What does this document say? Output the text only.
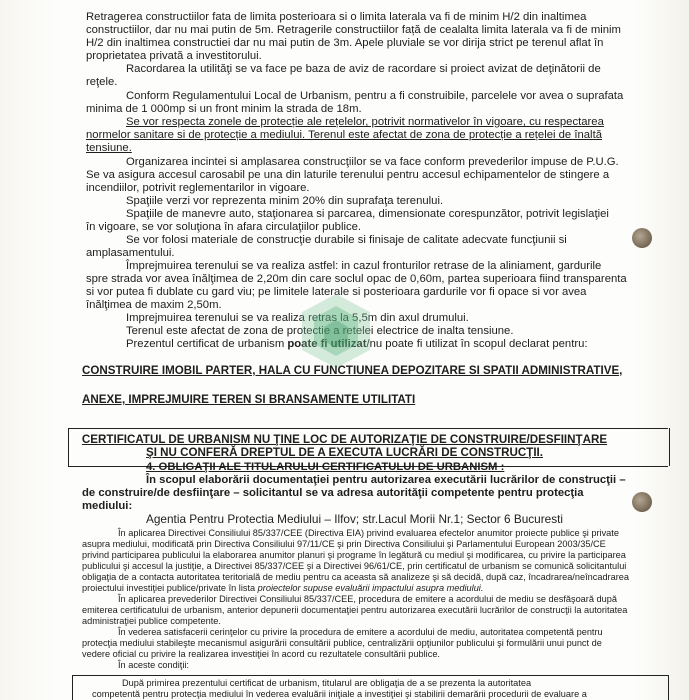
Retragerea constructiilor fata de limita posterioara si o limita laterala va fi de minim H/2 din inaltimea
constructiilor, dar nu mai putin de 5m. Retragerile constructiilor față de cealalta limita laterala va fi de minim
H/2 din inaltimea constructiei dar nu mai putin de 3m. Apele pluviale se vor dirija strict pe terenul aflat în
proprietatea privată a investitorului.
Racordarea la utilităţi se va face pe baza de aviz de racordare si proiect avizat de deţinătorii de
reţele.
Conform Regulamentului Local de Urbanism, pentru a fi construibile, parcelele vor avea o suprafata
minima de 1 000mp si un front minim la strada de 18m.
Se vor respecta zonele de protecție ale rețelelor, potrivit normativelor în vigoare, cu respectarea
normelor sanitare si de protecție a mediului. Terenul este afectat de zona de protecție a rețelei de înaltă
tensiune.
Organizarea incintei si amplasarea construcţiilor se va face conform prevederilor impuse de P.U.G.
Se va asigura accesul carosabil pe una din laturile terenului pentru accesul echipamentelor de stingere a
incendiilor, potrivit reglementarilor in vigoare.
Spaţiile verzi vor reprezenta minim 20% din suprafaţa terenului.
Spaţiile de manevre auto, staţionarea si parcarea, dimensionate corespunzător, potrivit legislaţiei
în vigoare, se vor soluţiona în afara circulaţiilor publice.
Se vor folosi materiale de construcţie durabile si finisaje de calitate adecvate funcţiunii si
amplasamentului.
Împrejmuirea terenului se va realiza astfel: in cazul fronturilor retrase de la aliniament, gardurile
spre strada vor avea înălţimea de 2,20m din care soclul opac de 0,60m, partea superioara fiind transparenta
si vor putea fi dublate cu gard viu; pe limitele laterale si posterioara gardurile vor fi opace si vor avea
înălţimea de maxim 2,50m.
Imprejmuirea terenului se va realiza retras la 5,5m din axul drumului.
Terenul este afectat de zona de protectie a retelei electrice de inalta tensiune.
Prezentul certificat de urbanism poate fi utilizat/nu poate fi utilizat în scopul declarat pentru:
CONSTRUIRE IMOBIL PARTER, HALA CU FUNCTIUNEA DEPOZITARE SI SPATII ADMINISTRATIVE,
ANEXE, IMPREJMUIRE TEREN SI BRANSAMENTE UTILITATI
CERTIFICATUL DE URBANISM NU ŢINE LOC DE AUTORIZAŢIE DE CONSTRUIRE/DESFIINŢARE
ŞI NU CONFERĂ DREPTUL DE A EXECUTA LUCRĂRI DE CONSTRUCŢII.
4. OBLIGAŢII ALE TITULARULUI CERTIFICATULUI DE URBANISM :
În scopul elaborării documentaţiei pentru autorizarea executării lucrărilor de construcţii –
de construire/de desfiinţare – solicitantul se va adresa autorităţii competente pentru protecţia
mediului:
Agentia Pentru Protectia Mediului – Ilfov; str.Lacul Morii Nr.1; Sector 6 Bucuresti
În aplicarea Directivei Consiliului 85/337/CEE (Directiva EIA) privind evaluarea efectelor anumitor proiecte publice şi private
asupra mediului, modificată prin Directiva Consiliului 97/11/CE şi prin Directiva Consiliului şi Parlamentului European 2003/35/CE
privind participarea publicului la elaborarea anumitor planuri şi programe în legătură cu mediul şi modificarea, cu privire la participarea
publicului şi accesul la justiţie, a Directivei 85/337/CEE şi a Directivei 96/61/CE, prin certificatul de urbanism se comunică solicitantului
obligaţia de a contacta autoritatea teritorială de mediu pentru ca aceasta să analizeze şi să decidă, după caz, încadrarea/neîncadrarea
proiectului investiţiei publice/private în lista proiectelor supuse evaluării impactului asupra mediului.
În aplicarea prevederilor Directivei Consiliului 85/337/CEE, procedura de emitere a acordului de mediu se desfăşoară după
emiterea certificatului de urbanism, anterior depunerii documentaţiei pentru autorizarea executării lucrărilor de construcţii la autoritatea
administraţiei publice competente.
În vederea satisfacerii cerinţelor cu privire la procedura de emitere a acordului de mediu, autoritatea competentă pentru
protecţia mediului stabileşte mecanismul asigurării consultării publice, centralizării opţiunilor publicului şi formulării unui punct de
vedere oficial cu privire la realizarea investiţiei în acord cu rezultatele consultării publice.
În aceste condiţii:
După primirea prezentului certificat de urbanism, titularul are obligaţia de a se prezenta la autoritatea
competentă pentru protecţia mediului în vederea evaluării iniţiale a investiţiei şi stabilirii demarării procedurii de evaluare a
